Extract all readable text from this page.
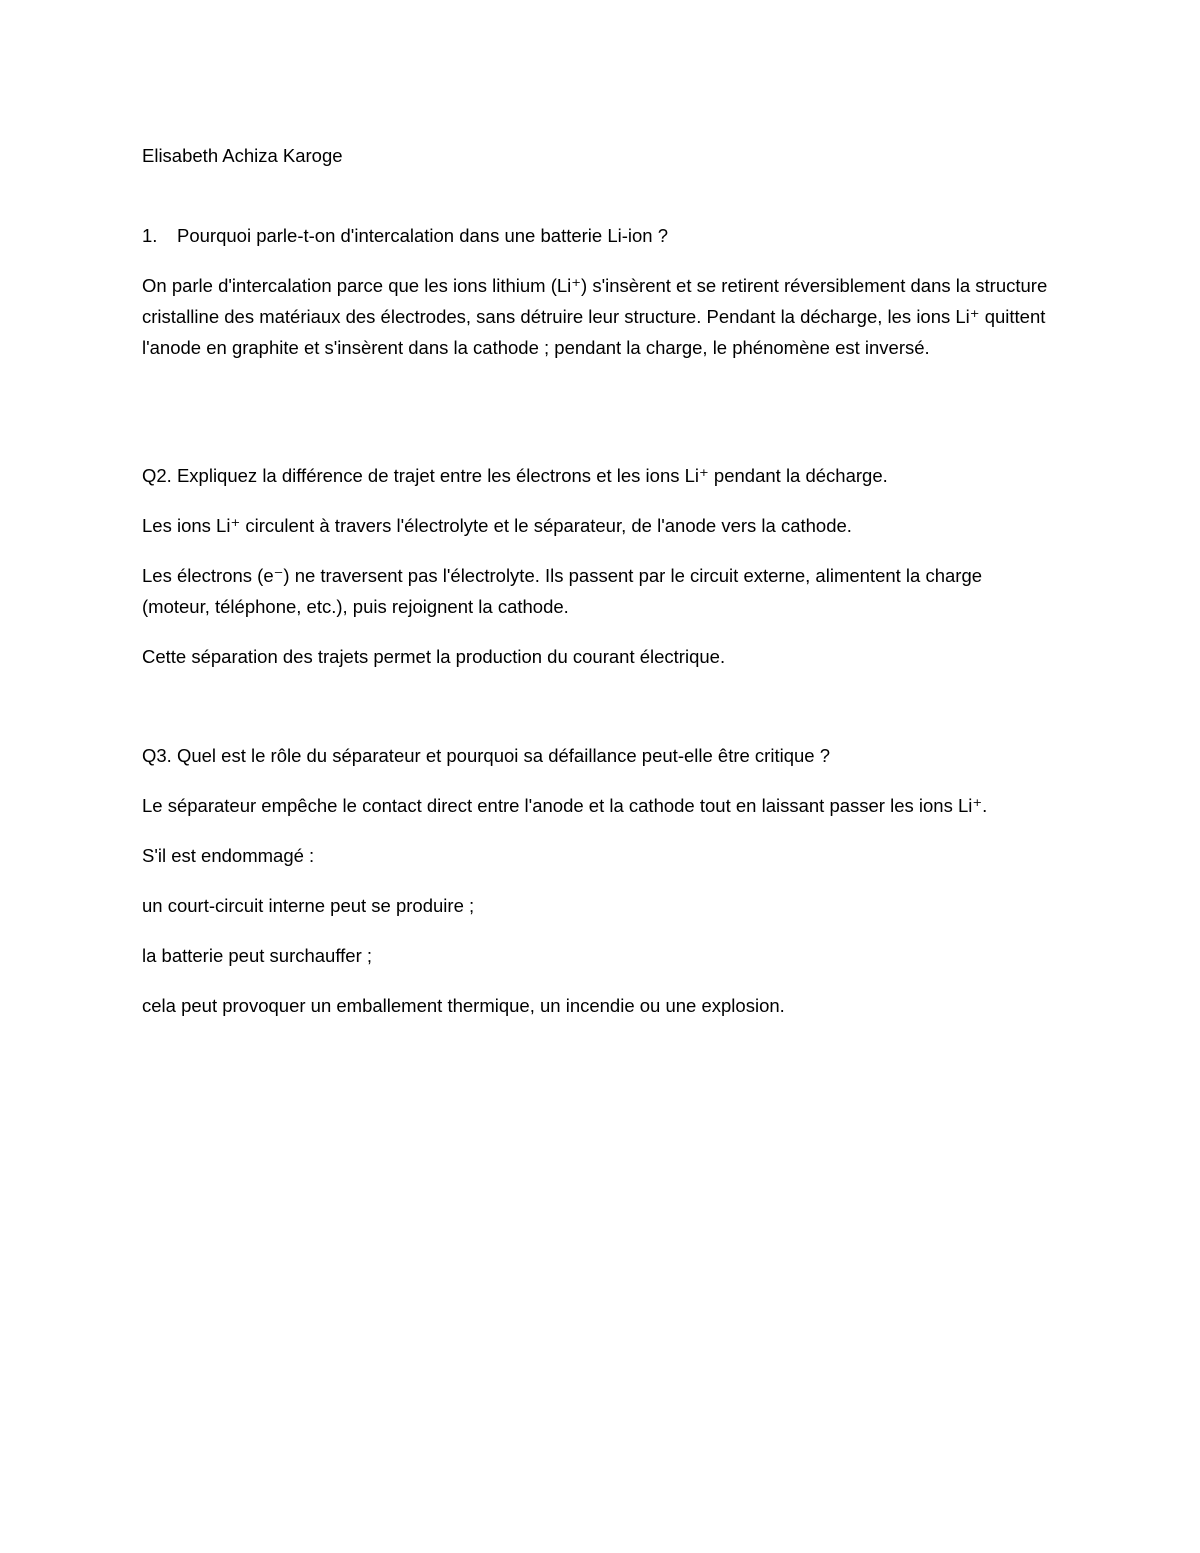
Elisabeth Achiza Karoge

1. Pourquoi parle-t-on d'intercalation dans une batterie Li-ion ?

On parle d'intercalation parce que les ions lithium (Li⁺) s'insèrent et se retirent réversiblement dans la structure cristalline des matériaux des électrodes, sans détruire leur structure. Pendant la décharge, les ions Li⁺ quittent l'anode en graphite et s'insèrent dans la cathode ; pendant la charge, le phénomène est inversé.

Q2. Expliquez la différence de trajet entre les électrons et les ions Li⁺ pendant la décharge.

Les ions Li⁺ circulent à travers l'électrolyte et le séparateur, de l'anode vers la cathode.

Les électrons (e⁻) ne traversent pas l'électrolyte. Ils passent par le circuit externe, alimentent la charge (moteur, téléphone, etc.), puis rejoignent la cathode.

Cette séparation des trajets permet la production du courant électrique.

Q3. Quel est le rôle du séparateur et pourquoi sa défaillance peut-elle être critique ?

Le séparateur empêche le contact direct entre l'anode et la cathode tout en laissant passer les ions Li⁺.

S'il est endommagé :

un court-circuit interne peut se produire ;

la batterie peut surchauffer ;

cela peut provoquer un emballement thermique, un incendie ou une explosion.
